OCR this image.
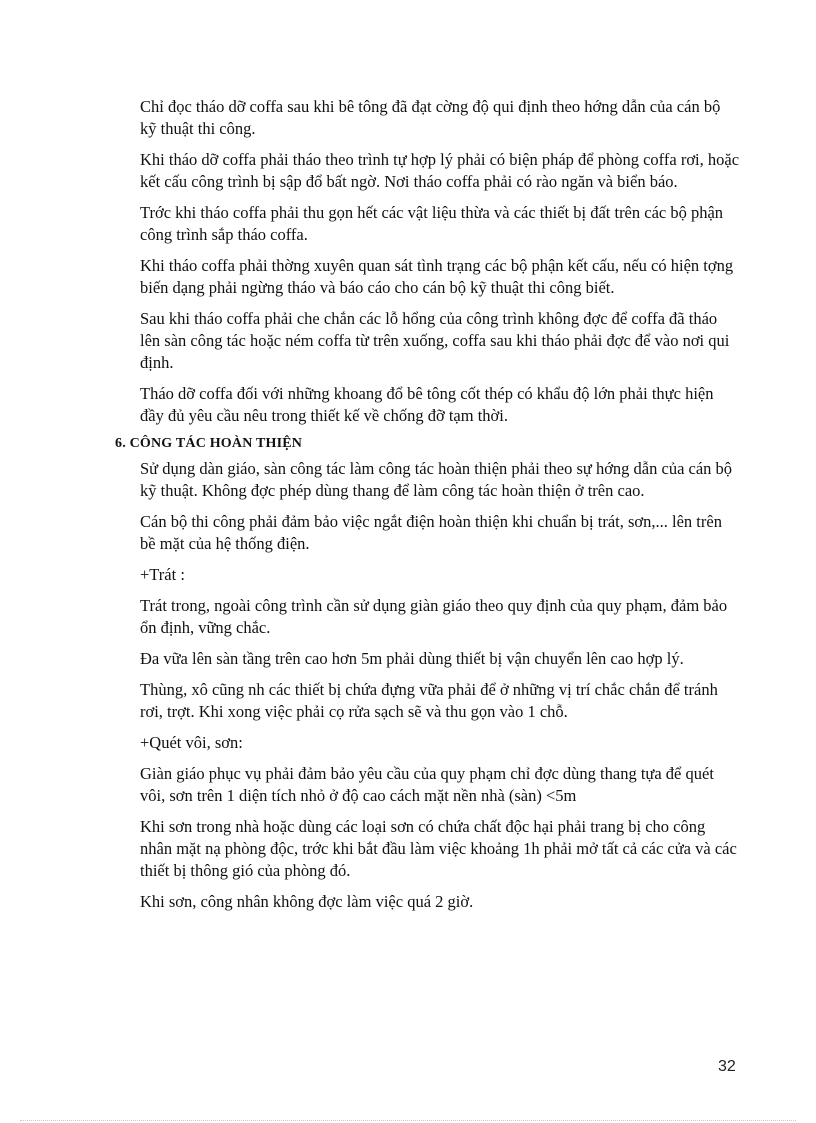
Chỉ đọc tháo dỡ coffa sau khi bê tông đã đạt cờng độ qui định theo hớng dẫn của cán bộ kỹ thuật thi công.

Khi tháo dỡ coffa phải tháo theo trình tự hợp lý phải có biện pháp để phòng coffa rơi, hoặc kết cấu công trình bị sập đổ bất ngờ. Nơi tháo coffa phải có rào ngăn và biển báo.

Trớc khi tháo coffa phải thu gọn hết các vật liệu thừa và các thiết bị đất trên các bộ phận công trình sắp tháo coffa.

Khi tháo coffa phải thờng xuyên quan sát tình trạng các bộ phận kết cấu, nếu có hiện tợng biến dạng phải ngừng tháo và báo cáo cho cán bộ kỹ thuật thi công biết.

Sau khi tháo coffa phải che chắn các lỗ hổng của công trình không đợc để coffa đã tháo lên sàn công tác hoặc ném coffa từ trên xuống, coffa sau khi tháo phải đợc để vào nơi qui định.

Tháo dỡ coffa đối với những khoang đổ bê tông cốt thép có khẩu độ lớn phải thực hiện đầy đủ yêu cầu nêu trong thiết kế về chống đỡ tạm thời.

6. CÔNG TÁC HOÀN THIỆN

Sử dụng dàn giáo, sàn công tác làm công tác hoàn thiện phải theo sự hớng dẫn của cán bộ kỹ thuật. Không đợc phép dùng thang để làm công tác hoàn thiện ở trên cao.

Cán bộ thi công phải đảm bảo việc ngắt điện hoàn thiện khi chuẩn bị trát, sơn,... lên trên bề mặt của hệ thống điện.

+Trát :

Trát trong, ngoài công trình cần sử dụng giàn giáo theo quy định của quy phạm, đảm bảo ổn định, vững chắc.

Đa vữa lên sàn tầng trên cao hơn 5m phải dùng thiết bị vận chuyển lên cao hợp lý.

Thùng, xô cũng nh các thiết bị chứa đựng vữa phải để ở những vị trí chắc chắn để tránh rơi, trợt. Khi xong việc phải cọ rửa sạch sẽ và thu gọn vào 1 chỗ.

+Quét vôi, sơn:

Giàn giáo phục vụ phải đảm bảo yêu cầu của quy phạm chỉ đợc dùng thang tựa để quét vôi, sơn trên 1 diện tích nhỏ ở độ cao cách mặt nền nhà (sàn) <5m

Khi sơn trong nhà hoặc dùng các loại sơn có chứa chất độc hại phải trang bị cho công nhân mặt nạ phòng độc, trớc khi bắt đầu làm việc khoảng 1h phải mở tất cả các cửa và các thiết bị thông gió của phòng đó.

Khi sơn, công nhân không đợc làm việc quá 2 giờ.

32
